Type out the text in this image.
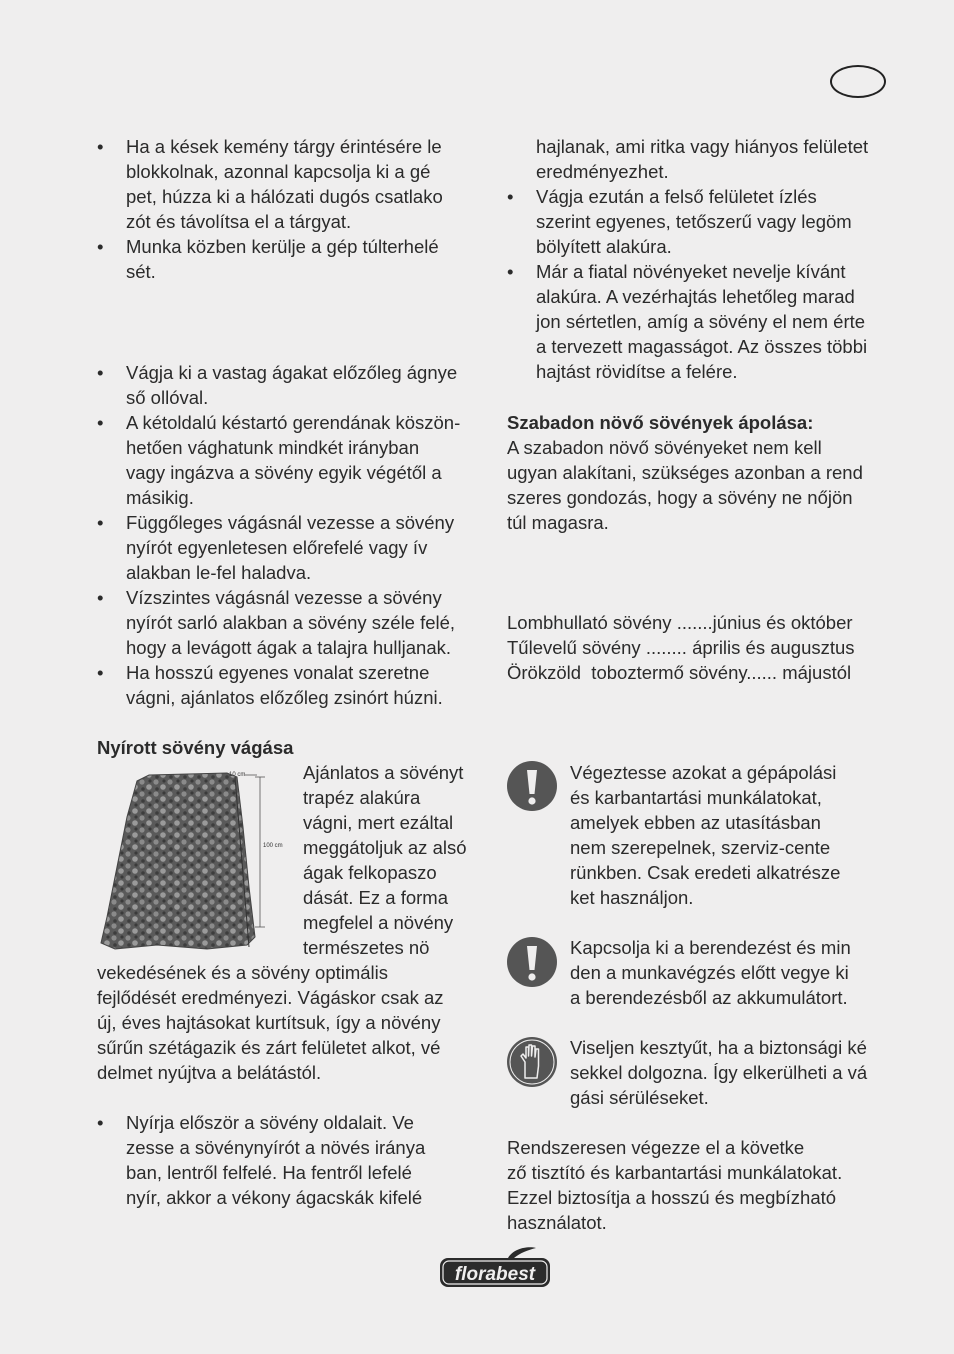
• Ha a kések kemény tárgy érintésére le
blokkolnak, azonnal kapcsolja ki a gé
pet, húzza ki a hálózati dugós csatlako
zót és távolítsa el a tárgyat.
• Munka közben kerülje a gép túlterhelé
sét.
• Vágja ki a vastag ágakat előzőleg ágnye
ső ollóval.
• A kétoldalú késtartó gerendának köszön-
hetően vághatunk mindkét irányban
vagy ingázva a sövény egyik végétől a
másikig.
• Függőleges vágásnál vezesse a sövény
nyírót egyenletesen előrefelé vagy ív
alakban le-fel haladva.
• Vízszintes vágásnál vezesse a sövény
nyírót sarló alakban a sövény széle felé,
hogy a levágott ágak a talajra hulljanak.
• Ha hosszú egyenes vonalat szeretne
vágni, ajánlatos előzőleg zsinórt húzni.
Nyírott sövény vágása
10 cm
100 cm
Ajánlatos a sövényt
trapéz alakúra
vágni, mert ezáltal
meggátoljuk az alsó
ágak felkopaszo
dását. Ez a forma
megfelel a növény
természetes nö
vekedésének és a sövény optimális
fejlődését eredményezi. Vágáskor csak az
új, éves hajtásokat kurtítsuk, így a növény
sűrűn szétágazik és zárt felületet alkot, vé
delmet nyújtva a belátástól.
• Nyírja először a sövény oldalait. Ve
zesse a sövénynyírót a növés iránya
ban, lentről felfelé. Ha fentről lefelé
nyír, akkor a vékony ágacskák kifelé
hajlanak, ami ritka vagy hiányos felületet
eredményezhet.
• Vágja ezután a felső felületet ízlés
szerint egyenes, tetőszerű vagy legöm
bölyített alakúra.
• Már a fiatal növényeket nevelje kívánt
alakúra. A vezérhajtás lehetőleg marad
jon sértetlen, amíg a sövény el nem érte
a tervezett magasságot. Az összes többi
hajtást rövidítse a felére.
Szabadon növő sövények ápolása:
A szabadon növő sövényeket nem kell
ugyan alakítani, szükséges azonban a rend
szeres gondozás, hogy a sövény ne nőjön
túl magasra.
Lombhullató sövény .......június és október
Tűlevelű sövény ........ április és augusztus
Örökzöld  toboztermő sövény...... májustól
Végeztesse azokat a gépápolási
és karbantartási munkálatokat,
amelyek ebben az utasításban
nem szerepelnek, szerviz-cente
rünkben. Csak eredeti alkatrésze
ket használjon.
Kapcsolja ki a berendezést és min
den a munkavégzés előtt vegye ki
a berendezésből az akkumulátort.
Viseljen kesztyűt, ha a biztonsági ké
sekkel dolgozna. Így elkerülheti a vá
gási sérüléseket.
Rendszeresen végezze el a követke
ző tisztító és karbantartási munkálatokat.
Ezzel biztosítja a hosszú és megbízható
használatot.
florabest
